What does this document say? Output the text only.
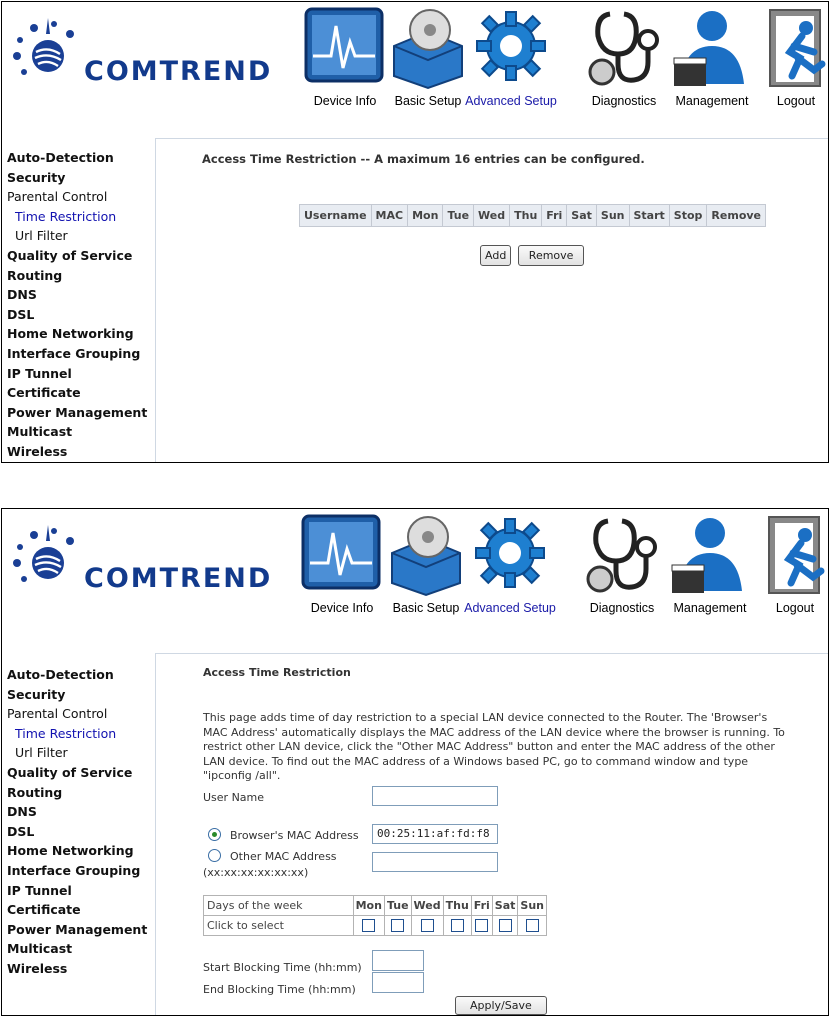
COMTREND
Device Info	Basic Setup Advanced Setup	Diagnostics	Management	Logout
Auto-Detection
Security
Parental Control
Time Restriction
Url Filter
Quality of Service
Routing
DNS
DSL
Home Networking
Interface Grouping
IP Tunnel
Certificate
Power Management
Multicast
Wireless
Access Time Restriction -- A maximum 16 entries can be configured.
Username	MAC	Mon	Tue	Wed	Thu	Fri	Sat	Sun	Start	Stop	Remove
Add Remove
COMTREND
Device Info	Basic Setup Advanced Setup	Diagnostics	Management	Logout
Auto-Detection
Security
Parental Control
Time Restriction
Url Filter
Quality of Service
Routing
DNS
DSL
Home Networking
Interface Grouping
IP Tunnel
Certificate
Power Management
Multicast
Wireless
Access Time Restriction
This page adds time of day restriction to a special LAN device connected to the Router. The 'Browser's MAC Address' automatically displays the MAC address of the LAN device where the browser is running. To restrict other LAN device, click the "Other MAC Address" button and enter the MAC address of the other LAN device. To find out the MAC address of a Windows based PC, go to command window and type "ipconfig /all".
User Name
Browser's MAC Address	00:25:11:af:fd:f8
Other MAC Address
(xx:xx:xx:xx:xx:xx)
Days of the week	Mon	Tue	Wed	Thu	Fri	Sat	Sun
Click to select							
Start Blocking Time (hh:mm)
End Blocking Time (hh:mm)
Apply/Save
